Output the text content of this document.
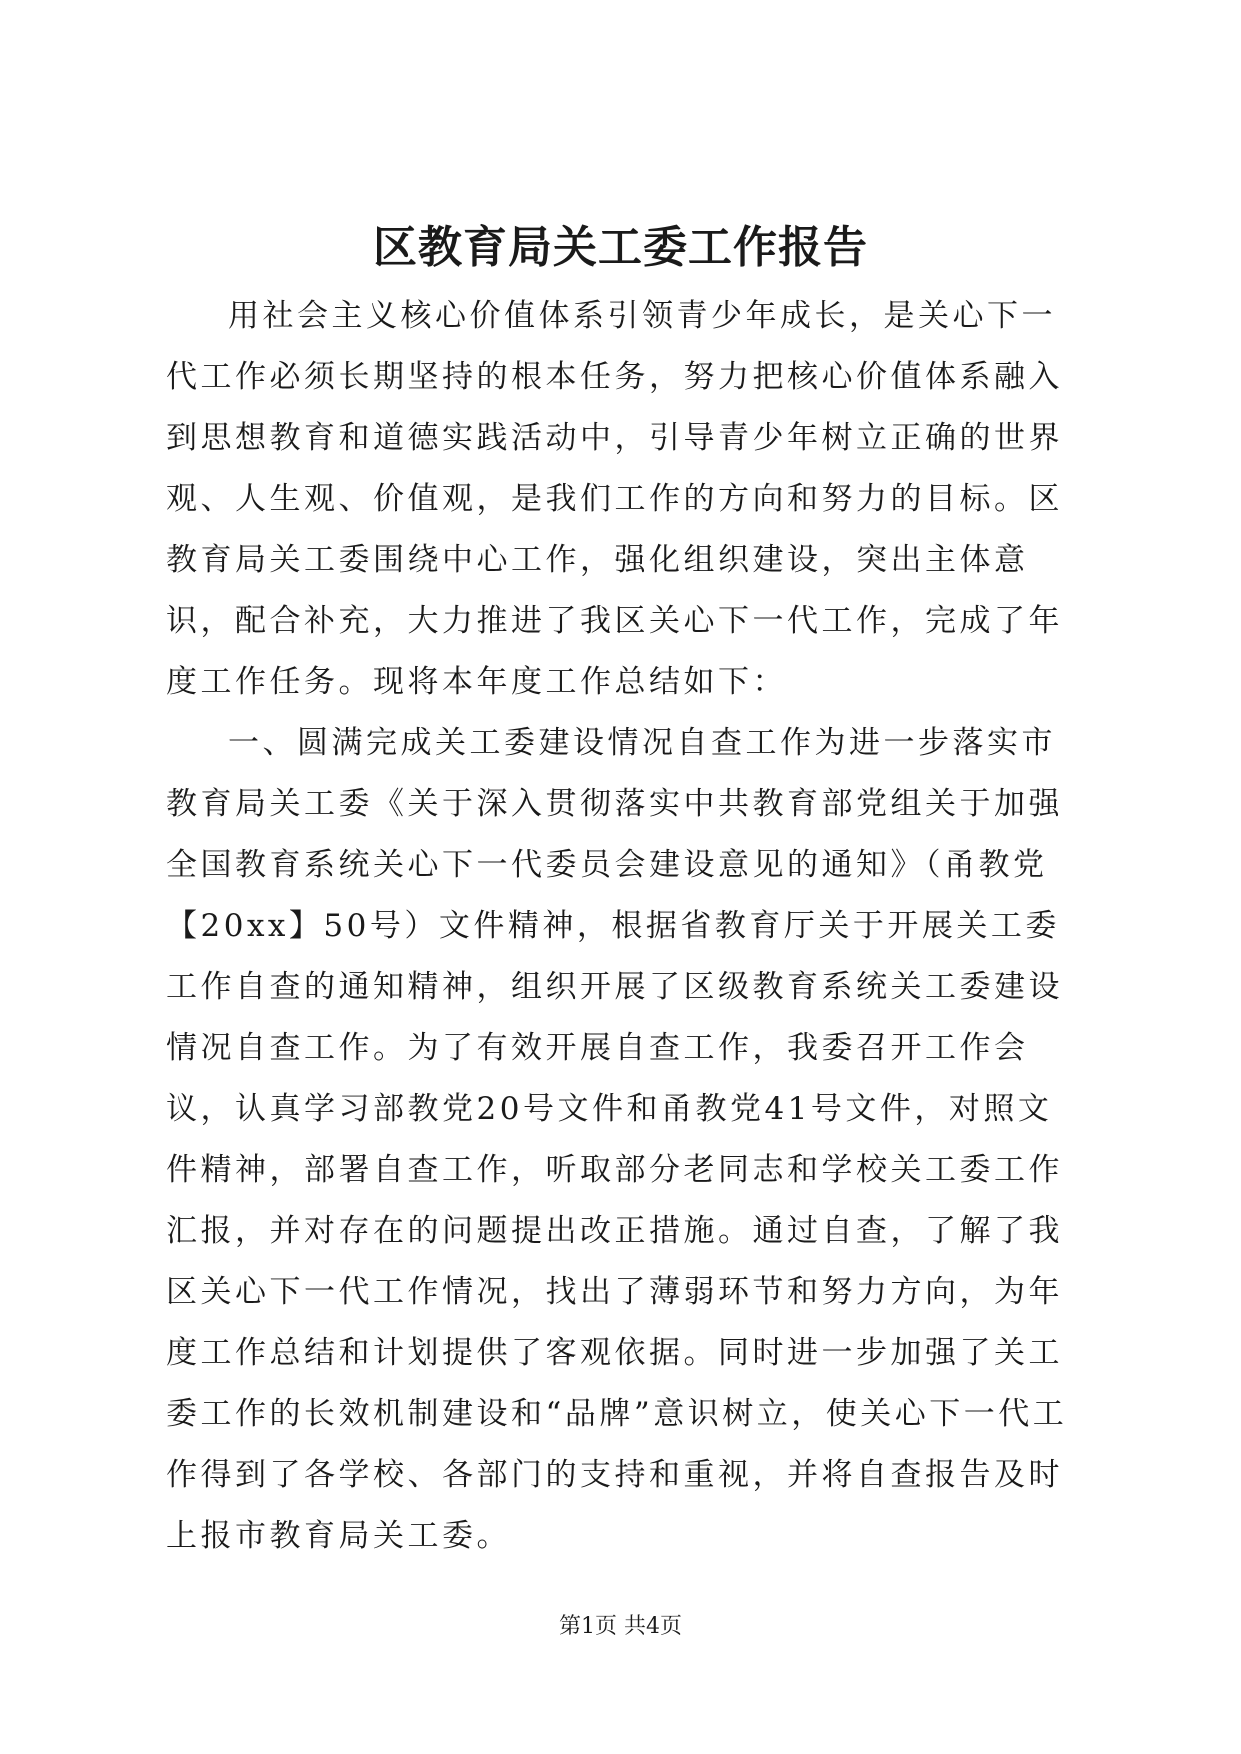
区教育局关工委工作报告

用社会主义核心价值体系引领青少年成长，是关心下一代工作必须长期坚持的根本任务，努力把核心价值体系融入到思想教育和道德实践活动中，引导青少年树立正确的世界观、人生观、价值观，是我们工作的方向和努力的目标。区教育局关工委围绕中心工作，强化组织建设，突出主体意识，配合补充，大力推进了我区关心下一代工作，完成了年度工作任务。现将本年度工作总结如下：

一、圆满完成关工委建设情况自查工作为进一步落实市教育局关工委《关于深入贯彻落实中共教育部党组关于加强全国教育系统关心下一代委员会建设意见的通知》（甬教党【20xx】50号）文件精神，根据省教育厅关于开展关工委工作自查的通知精神，组织开展了区级教育系统关工委建设情况自查工作。为了有效开展自查工作，我委召开工作会议，认真学习部教党20号文件和甬教党41号文件，对照文件精神，部署自查工作，听取部分老同志和学校关工委工作汇报，并对存在的问题提出改正措施。通过自查，了解了我区关心下一代工作情况，找出了薄弱环节和努力方向，为年度工作总结和计划提供了客观依据。同时进一步加强了关工委工作的长效机制建设和“品牌”意识树立，使关心下一代工作得到了各学校、各部门的支持和重视，并将自查报告及时上报市教育局关工委。

第1页 共4页
